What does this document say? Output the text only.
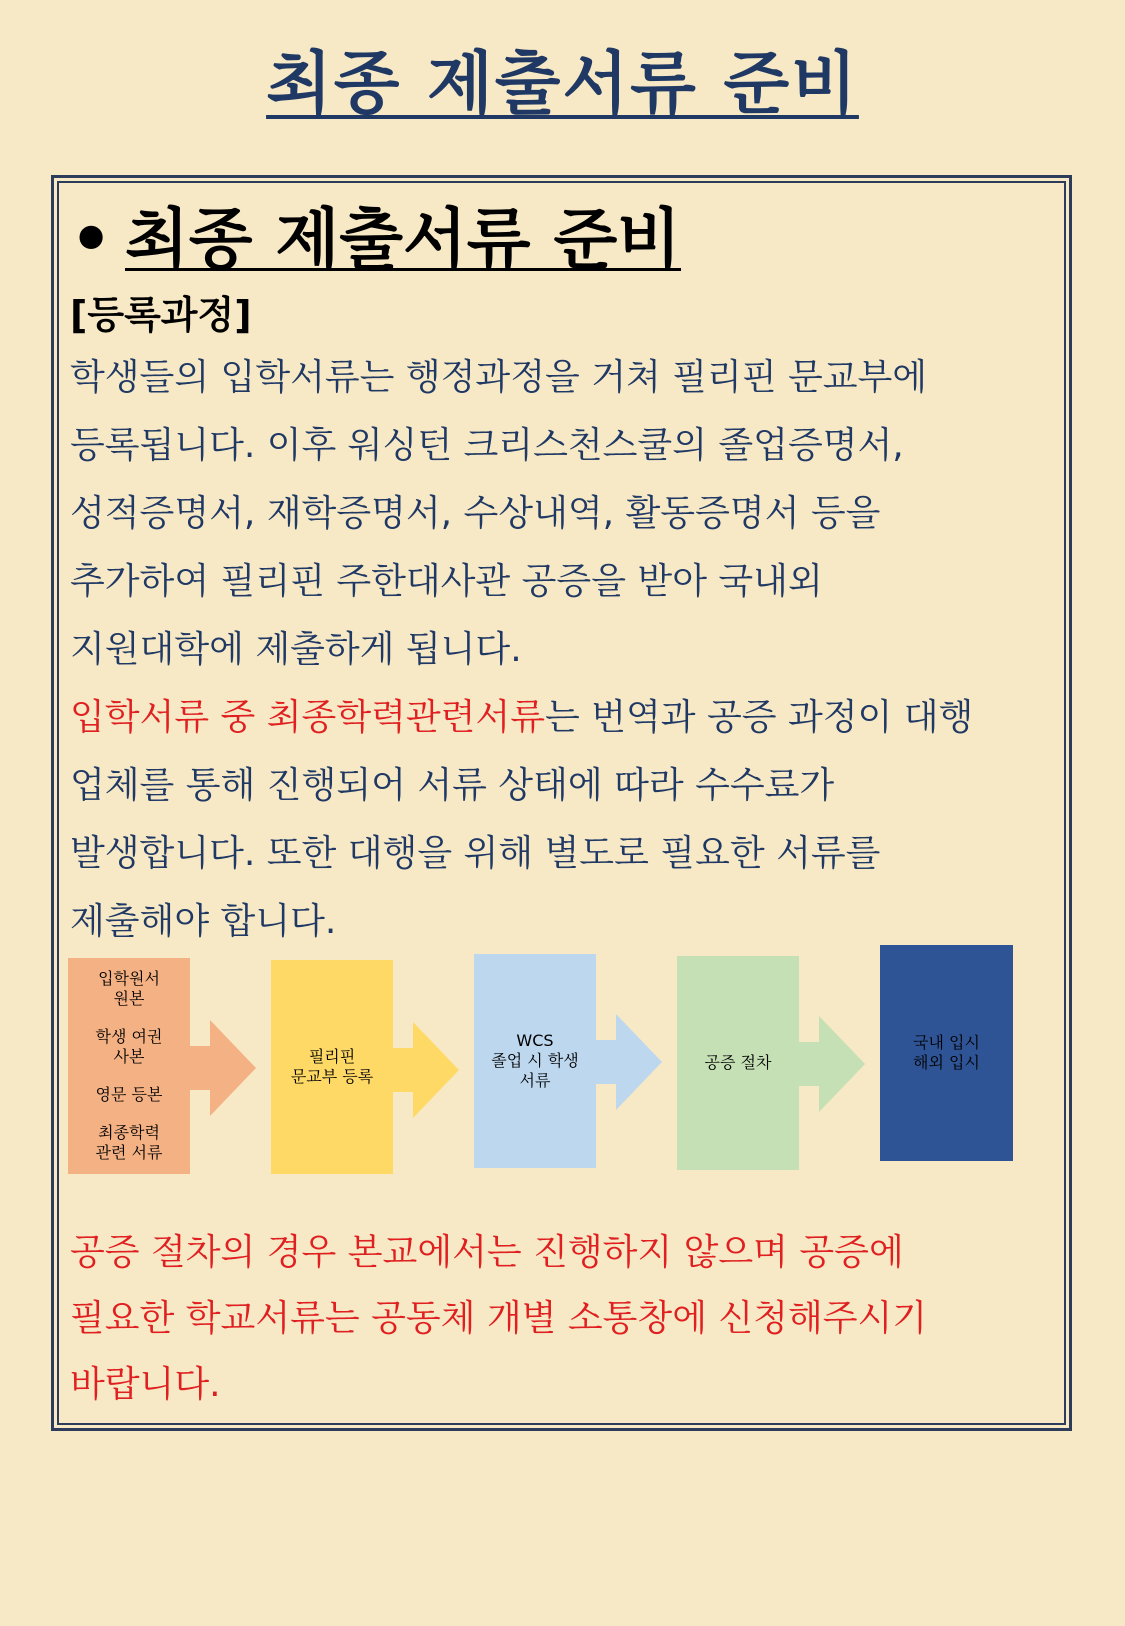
최종 제출서류 준비
• 최종 제출서류 준비
[등록과정]

학생들의 입학서류는 행정과정을 거쳐 필리핀 문교부에

등록됩니다. 이후 워싱턴 크리스천스쿨의 졸업증명서,

성적증명서, 재학증명서, 수상내역, 활동증명서 등을

추가하여 필리핀 주한대사관 공증을 받아 국내외

지원대학에 제출하게 됩니다.

입학서류 중 최종학력관련서류는 번역과 공증 과정이 대행

업체를 통해 진행되어 서류 상태에 따라 수수료가

발생합니다. 또한 대행을 위해 별도로 필요한 서류를

제출해야 합니다.

입학원서
원본
학생 여권
사본
영문 등본
최종학력
관련 서류
필리핀
문교부 등록
WCS
졸업 시 학생
서류
공증 절차
국내 입시
해외 입시

공증 절차의 경우 본교에서는 진행하지 않으며 공증에

필요한 학교서류는 공동체 개별 소통창에 신청해주시기

바랍니다.
